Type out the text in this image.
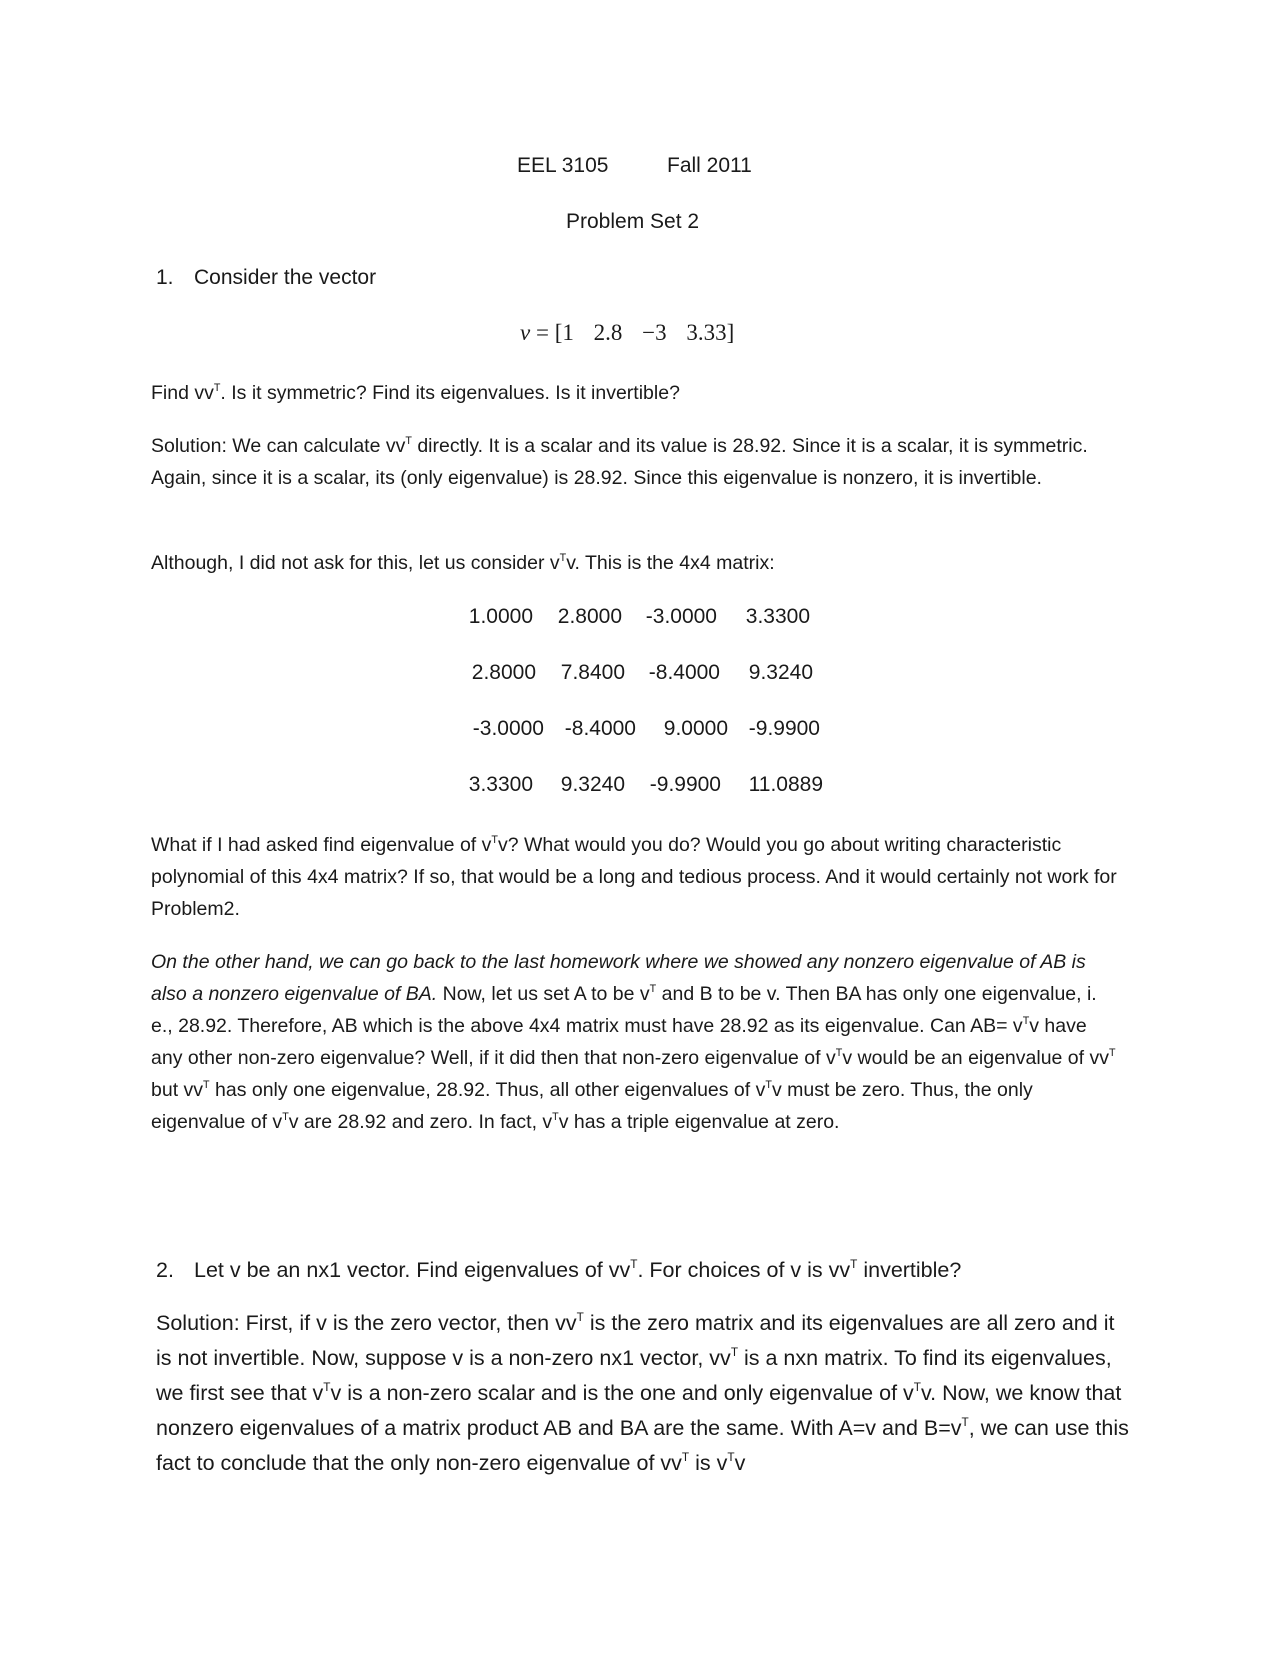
EEL 3105	Fall 2011
Problem Set 2
1. Consider the vector
v = [1 2.8 −3 3.33]
Find $vv^T$. Is it symmetric? Find its eigenvalues. Is it invertible?
Solution: We can calculate $vv^T$ directly. It is a scalar and its value is 28.92. Since it is a scalar, it is symmetric. Again, since it is a scalar, its (only eigenvalue) is 28.92. Since this eigenvalue is nonzero, it is invertible.
Although, I did not ask for this, let us consider $v^Tv$. This is the 4x4 matrix:
1.0000 2.8000 -3.0000 3.3300
2.8000 7.8400 -8.4000 9.3240
-3.0000 -8.4000 9.0000 -9.9900
3.3300 9.3240 -9.9900 11.0889
What if I had asked find eigenvalue of $v^Tv$? What would you do? Would you go about writing characteristic polynomial of this 4x4 matrix? If so, that would be a long and tedious process. And it would certainly not work for Problem2.
On the other hand, we can go back to the last homework where we showed any nonzero eigenvalue of AB is also a nonzero eigenvalue of BA. Now, let us set A to be $v^T$ and B to be v. Then BA has only one eigenvalue, i. e., 28.92. Therefore, AB which is the above 4x4 matrix must have 28.92 as its eigenvalue. Can $AB= v^Tv$ have any other non-zero eigenvalue? Well, if it did then that non-zero eigenvalue of $v^Tv$ would be an eigenvalue of $vv^T$ but $vv^T$ has only one eigenvalue, 28.92. Thus, all other eigenvalues of $v^Tv$ must be zero. Thus, the only eigenvalue of $v^Tv$ are 28.92 and zero. In fact, $v^Tv$ has a triple eigenvalue at zero.
2. Let v be an nx1 vector. Find eigenvalues of $vv^T$. For choices of v is $vv^T$ invertible?
Solution: First, if v is the zero vector, then $vv^T$ is the zero matrix and its eigenvalues are all zero and it is not invertible. Now, suppose v is a non-zero nx1 vector, $vv^T$ is a nxn matrix. To find its eigenvalues, we first see that $v^Tv$ is a non-zero scalar and is the one and only eigenvalue of $v^Tv$. Now, we know that nonzero eigenvalues of a matrix product AB and BA are the same. With A=v and $B=v^T$, we can use this fact to conclude that the only non-zero eigenvalue of $vv^T$ is $v^Tv$
